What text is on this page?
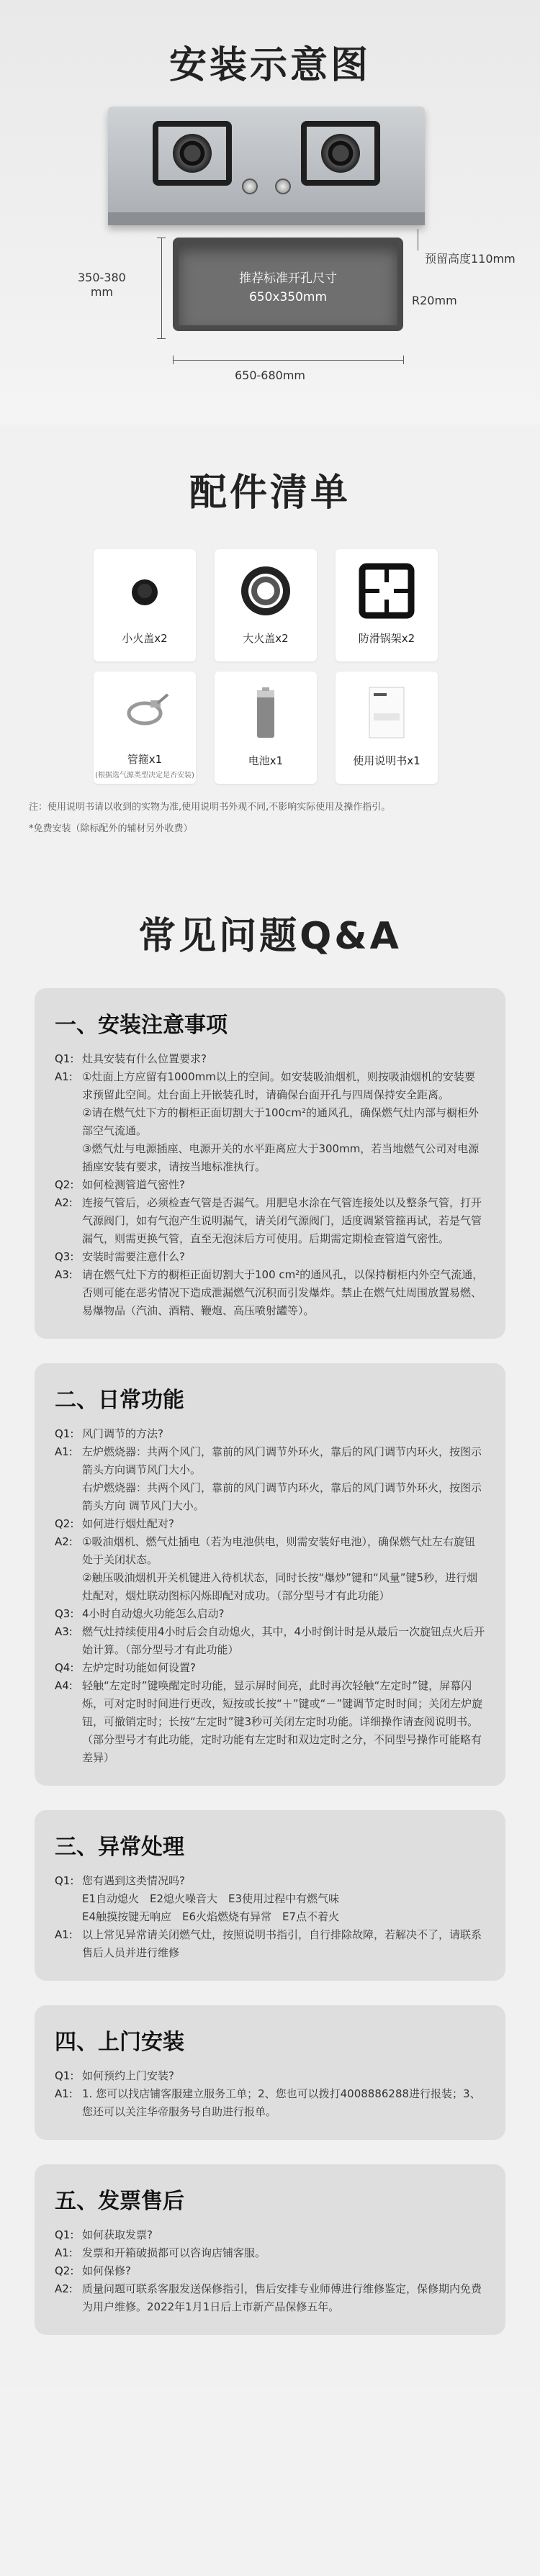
安装示意图
推荐标准开孔尺寸
650x350mm
350-380
mm
预留高度110mm
R20mm
650-680mm
配件清单
小火盖x2	大火盖x2	防滑锅架x2
管箍x1
(根据选气源类型决定是否安装)
电池x1	使用说明书x1
注：使用说明书请以收到的实物为准,使用说明书外观不同,不影响实际使用及操作指引。
*免费安装（除标配外的辅材另外收费）
常见问题Q&A
一、安装注意事项
Q1: 灶具安装有什么位置要求?
A1: ①灶面上方应留有1000mm以上的空间。如安装吸油烟机，则按吸油烟机的安装要求预留此空间。灶台面上开嵌装孔时，请确保台面开孔与四周保持安全距离。
②请在燃气灶下方的橱柜正面切割大于100cm²的通风孔，确保燃气灶内部与橱柜外部空气流通。
③燃气灶与电源插座、电源开关的水平距离应大于300mm，若当地燃气公司对电源插座安装有要求，请按当地标准执行。
Q2: 如何检测管道气密性?
A2: 连接气管后，必须检查气管是否漏气。用肥皂水涂在气管连接处以及整条气管，打开气源阀门，如有气泡产生说明漏气，请关闭气源阀门，适度调紧管箍再试，若是气管漏气，则需更换气管，直至无泡沫后方可使用。后期需定期检查管道气密性。
Q3: 安装时需要注意什么?
A3: 请在燃气灶下方的橱柜正面切割大于100 cm²的通风孔，以保持橱柜内外空气流通，否则可能在恶劣情况下造成泄漏燃气沉积而引发爆炸。禁止在燃气灶周围放置易燃、易爆物品（汽油、酒精、鞭炮、高压喷射罐等）。
二、日常功能
Q1: 风门调节的方法?
A1: 左炉燃烧器：共两个风门，靠前的风门调节外环火，靠后的风门调节内环火，按图示箭头方向调节风门大小。
右炉燃烧器：共两个风门，靠前的风门调节内环火，靠后的风门调节外环火，按图示箭头方向 调节风门大小。
Q2: 如何进行烟灶配对?
A2: ①吸油烟机、燃气灶插电（若为电池供电，则需安装好电池），确保燃气灶左右旋钮处于关闭状态。
②触压吸油烟机开关机键进入待机状态，同时长按“爆炒”键和“风量”键5秒，进行烟灶配对，烟灶联动图标闪烁即配对成功。（部分型号才有此功能）
Q3: 4小时自动熄火功能怎么启动?
A3: 燃气灶持续使用4小时后会自动熄火，其中，4小时倒计时是从最后一次旋钮点火后开始计算。（部分型号才有此功能）
Q4: 左炉定时功能如何设置?
A4: 轻触“左定时”键唤醒定时功能，显示屏时间亮，此时再次轻触“左定时”键，屏幕闪烁，可对定时时间进行更改，短按或长按“＋”键或“－”键调节定时时间；关闭左炉旋钮，可撤销定时；长按“左定时”键3秒可关闭左定时功能。详细操作请查阅说明书。（部分型号才有此功能，定时功能有左定时和双边定时之分，不同型号操作可能略有差异）
三、异常处理
Q1: 您有遇到这类情况吗?
E1自动熄火　E2熄火噪音大　E3使用过程中有燃气味
E4触摸按键无响应　E6火焰燃烧有异常　E7点不着火
A1: 以上常见异常请关闭燃气灶，按照说明书指引，自行排除故障，若解决不了，请联系售后人员并进行维修
四、上门安装
Q1: 如何预约上门安装?
A1: 1. 您可以找店铺客服建立服务工单；2、您也可以拨打4008886288进行报装；3、您还可以关注华帝服务号自助进行报单。
五、发票售后
Q1: 如何获取发票?
A1: 发票和开箱破损都可以咨询店铺客服。
Q2: 如何保修?
A2: 质量问题可联系客服发送保修指引，售后安排专业师傅进行维修鉴定，保修期内免费为用户维修。2022年1月1日后上市新产品保修五年。
